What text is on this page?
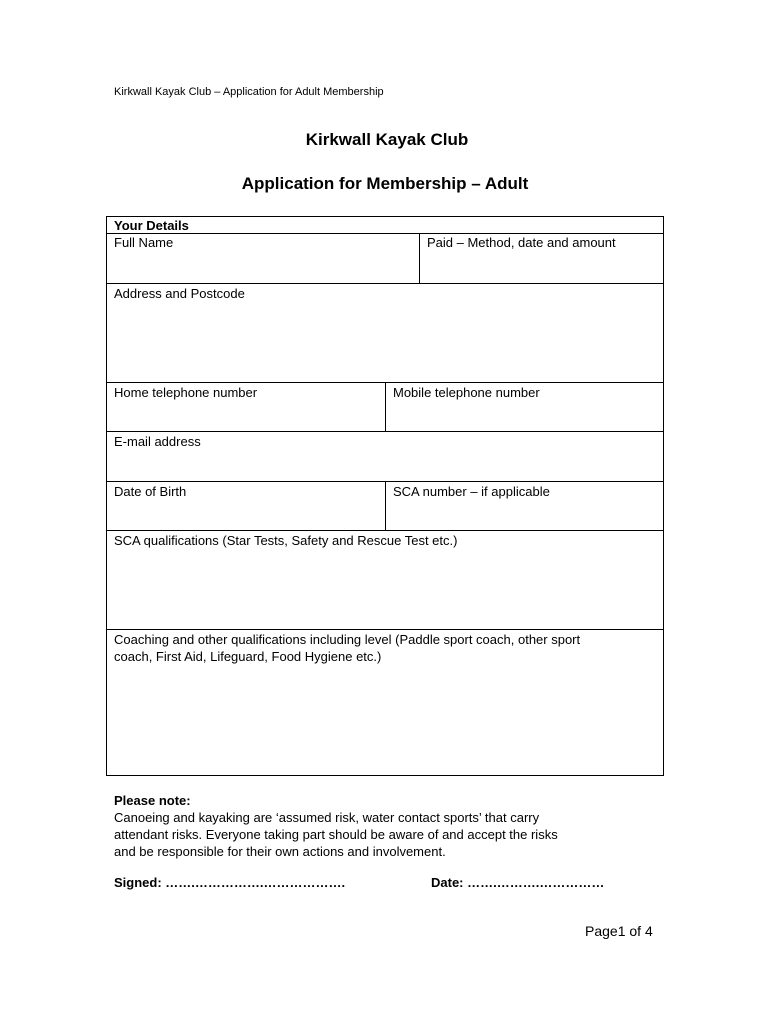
Kirkwall Kayak Club – Application for Adult Membership
Kirkwall Kayak Club
Application for Membership – Adult
Your Details
Full Name	Paid – Method, date and amount
Address and Postcode
Home telephone number	Mobile telephone number
E-mail address
Date of Birth	SCA number – if applicable
SCA qualifications (Star Tests, Safety and Rescue Test etc.)
Coaching and other qualifications including level (Paddle sport coach, other sport
coach, First Aid, Lifeguard, Food Hygiene etc.)
Please note:
Canoeing and kayaking are ‘assumed risk, water contact sports’ that carry
attendant risks. Everyone taking part should be aware of and accept the risks
and be responsible for their own actions and involvement.
Signed: …….…………….……………….	Date: …….……….……………
Page1 of 4
